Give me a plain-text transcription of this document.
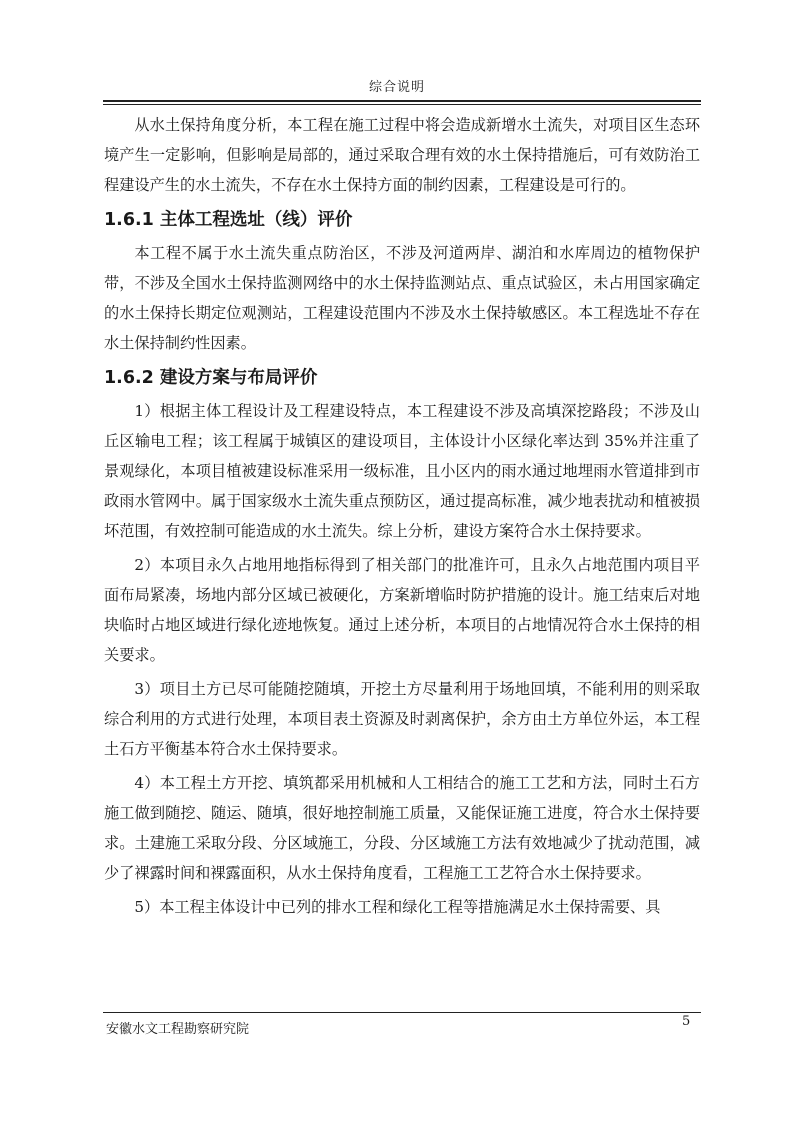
综合说明

从水土保持角度分析，本工程在施工过程中将会造成新增水土流失，对项目区生态环境产生一定影响，但影响是局部的，通过采取合理有效的水土保持措施后，可有效防治工程建设产生的水土流失，不存在水土保持方面的制约因素，工程建设是可行的。

1.6.1 主体工程选址（线）评价

本工程不属于水土流失重点防治区，不涉及河道两岸、湖泊和水库周边的植物保护带，不涉及全国水土保持监测网络中的水土保持监测站点、重点试验区，未占用国家确定的水土保持长期定位观测站，工程建设范围内不涉及水土保持敏感区。本工程选址不存在水土保持制约性因素。

1.6.2 建设方案与布局评价

1）根据主体工程设计及工程建设特点，本工程建设不涉及高填深挖路段；不涉及山丘区输电工程；该工程属于城镇区的建设项目，主体设计小区绿化率达到 35%并注重了景观绿化，本项目植被建设标准采用一级标准，且小区内的雨水通过地埋雨水管道排到市政雨水管网中。属于国家级水土流失重点预防区，通过提高标准，减少地表扰动和植被损坏范围，有效控制可能造成的水土流失。综上分析，建设方案符合水土保持要求。

2）本项目永久占地用地指标得到了相关部门的批准许可，且永久占地范围内项目平面布局紧凑，场地内部分区域已被硬化，方案新增临时防护措施的设计。施工结束后对地块临时占地区域进行绿化迹地恢复。通过上述分析，本项目的占地情况符合水土保持的相关要求。

3）项目土方已尽可能随挖随填，开挖土方尽量利用于场地回填，不能利用的则采取综合利用的方式进行处理，本项目表土资源及时剥离保护，余方由土方单位外运，本工程土石方平衡基本符合水土保持要求。

4）本工程土方开挖、填筑都采用机械和人工相结合的施工工艺和方法，同时土石方施工做到随挖、随运、随填，很好地控制施工质量，又能保证施工进度，符合水土保持要求。土建施工采取分段、分区域施工，分段、分区域施工方法有效地减少了扰动范围，减少了裸露时间和裸露面积，从水土保持角度看，工程施工工艺符合水土保持要求。

5）本工程主体设计中已列的排水工程和绿化工程等措施满足水土保持需要、具

安徽水文工程勘察研究院
5
